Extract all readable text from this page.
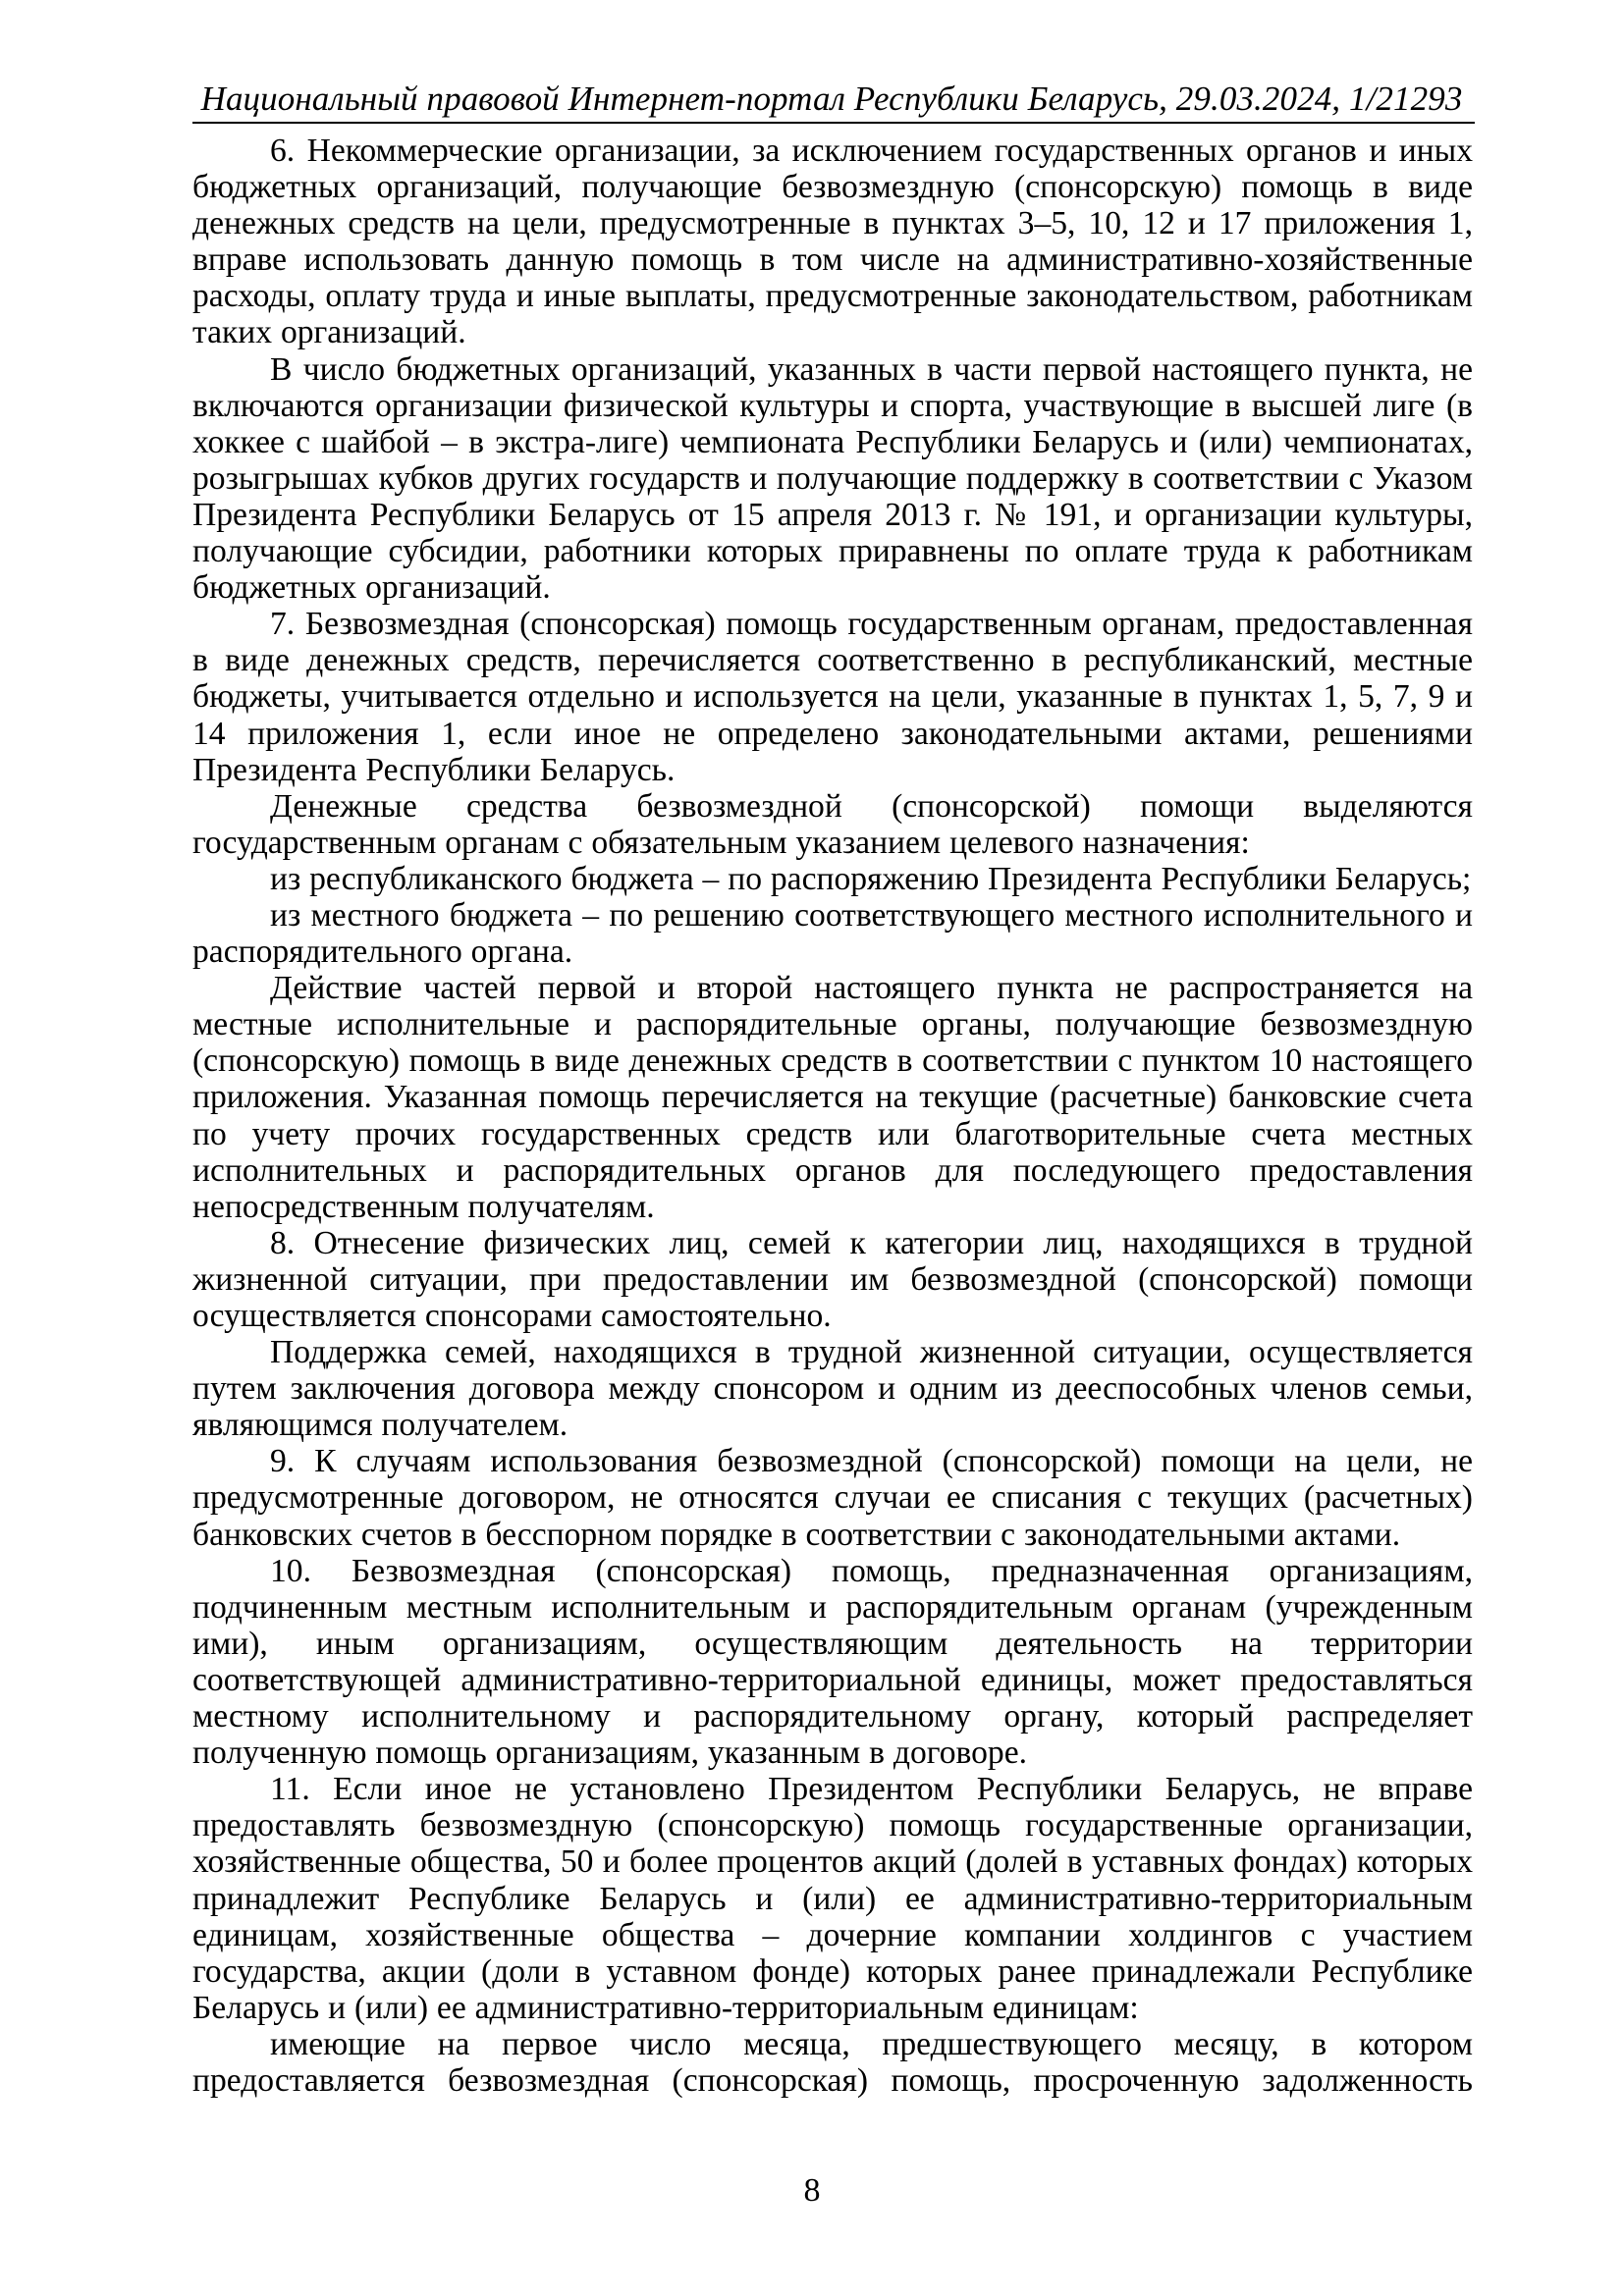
Национальный правовой Интернет-портал Республики Беларусь, 29.03.2024, 1/21293

6. Некоммерческие организации, за исключением государственных органов и иных бюджетных организаций, получающие безвозмездную (спонсорскую) помощь в виде денежных средств на цели, предусмотренные в пунктах 3–5, 10, 12 и 17 приложения 1, вправе использовать данную помощь в том числе на административно-хозяйственные расходы, оплату труда и иные выплаты, предусмотренные законодательством, работникам таких организаций.

В число бюджетных организаций, указанных в части первой настоящего пункта, не включаются организации физической культуры и спорта, участвующие в высшей лиге (в хоккее с шайбой – в экстра-лиге) чемпионата Республики Беларусь и (или) чемпионатах, розыгрышах кубков других государств и получающие поддержку в соответствии с Указом Президента Республики Беларусь от 15 апреля 2013 г. № 191, и организации культуры, получающие субсидии, работники которых приравнены по оплате труда к работникам бюджетных организаций.

7. Безвозмездная (спонсорская) помощь государственным органам, предоставленная в виде денежных средств, перечисляется соответственно в республиканский, местные бюджеты, учитывается отдельно и используется на цели, указанные в пунктах 1, 5, 7, 9 и 14 приложения 1, если иное не определено законодательными актами, решениями Президента Республики Беларусь.

Денежные средства безвозмездной (спонсорской) помощи выделяются государственным органам с обязательным указанием целевого назначения:

из республиканского бюджета – по распоряжению Президента Республики Беларусь;

из местного бюджета – по решению соответствующего местного исполнительного и распорядительного органа.

Действие частей первой и второй настоящего пункта не распространяется на местные исполнительные и распорядительные органы, получающие безвозмездную (спонсорскую) помощь в виде денежных средств в соответствии с пунктом 10 настоящего приложения. Указанная помощь перечисляется на текущие (расчетные) банковские счета по учету прочих государственных средств или благотворительные счета местных исполнительных и распорядительных органов для последующего предоставления непосредственным получателям.

8. Отнесение физических лиц, семей к категории лиц, находящихся в трудной жизненной ситуации, при предоставлении им безвозмездной (спонсорской) помощи осуществляется спонсорами самостоятельно.

Поддержка семей, находящихся в трудной жизненной ситуации, осуществляется путем заключения договора между спонсором и одним из дееспособных членов семьи, являющимся получателем.

9. К случаям использования безвозмездной (спонсорской) помощи на цели, не предусмотренные договором, не относятся случаи ее списания с текущих (расчетных) банковских счетов в бесспорном порядке в соответствии с законодательными актами.

10. Безвозмездная (спонсорская) помощь, предназначенная организациям, подчиненным местным исполнительным и распорядительным органам (учрежденным ими), иным организациям, осуществляющим деятельность на территории соответствующей административно-территориальной единицы, может предоставляться местному исполнительному и распорядительному органу, который распределяет полученную помощь организациям, указанным в договоре.

11. Если иное не установлено Президентом Республики Беларусь, не вправе предоставлять безвозмездную (спонсорскую) помощь государственные организации, хозяйственные общества, 50 и более процентов акций (долей в уставных фондах) которых принадлежит Республике Беларусь и (или) ее административно-территориальным единицам, хозяйственные общества – дочерние компании холдингов с участием государства, акции (доли в уставном фонде) которых ранее принадлежали Республике Беларусь и (или) ее административно-территориальным единицам:

имеющие на первое число месяца, предшествующего месяцу, в котором предоставляется безвозмездная (спонсорская) помощь, просроченную задолженность

8
